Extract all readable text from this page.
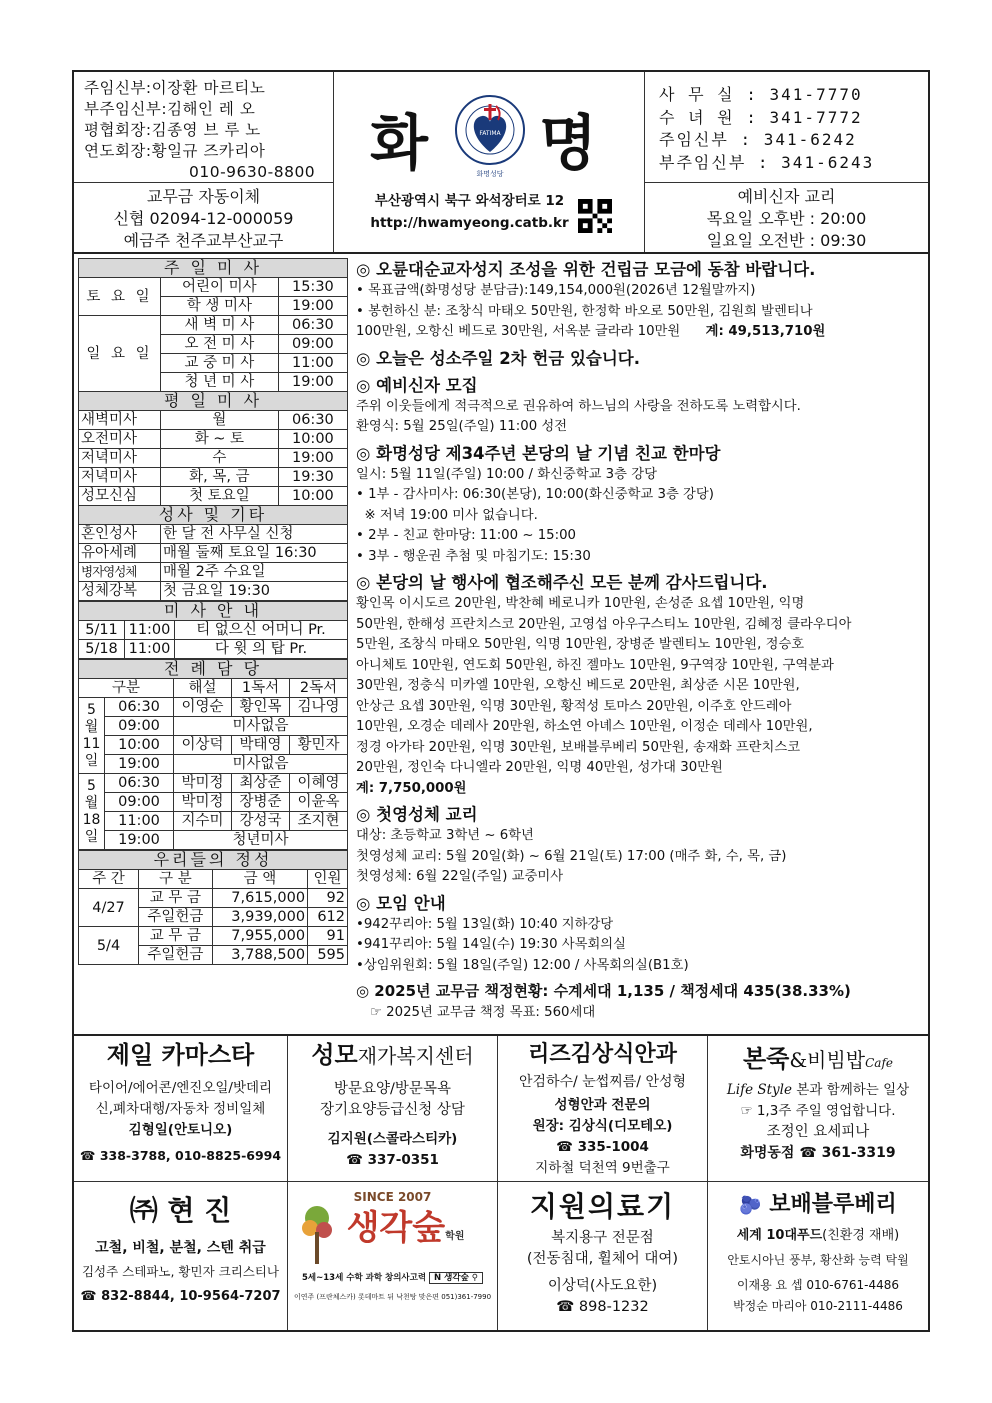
주임신부:이장환 마르티노
부주임신부:김해인 레 오
평협회장:김종영 브 루 노
연도회장:황일규 즈카리아
010-9630-8800
교무금 자동이체
신협 02094-12-000059
예금주 천주교부산교구
화	FATIMA
화명성당 명
부산광역시 북구 와석장터로 12
http://hwamyeong.catb.kr
사 무 실 : 341-7770
수 녀 원 : 341-7772
주임신부 : 341-6242
부주임신부 : 341-6243
예비신자 교리
목요일 오후반 : 20:00
일요일 오전반 : 09:30
주 일 미 사		
토 요 일	어린이 미사	15:30
	학 생 미사	19:00
일 요 일	새 벽 미 사	06:30
	오 전 미 사	09:00
	교 중 미 사	11:00
	청 년 미 사	19:00
평 일 미 사		
새벽미사	월	06:30
오전미사	화 ~ 토	10:00
저녁미사	수	19:00
저녁미사	화, 목, 금	19:30
성모신심	첫 토요일	10:00
성사 및 기타		
혼인성사	한 달 전 사무실 신청	
유아세례	매월 둘째 토요일 16:30	
병자영성체	매월 2주 수요일	
성체강복	첫 금요일 19:30	
미 사 안 내		
5/11	11:00	티 없으신 어머니 Pr.
5/18	11:00	다 윗 의 탑 Pr.
전 례 담 당				
구분		해설	1독서	2독서
5월11일	06:30	이영순	황인목	김나영
	09:00	미사없음		
	10:00	이상덕	박태영	황민자
	19:00	미사없음		
5월18일	06:30	박미정	최상준	이혜영
	09:00	박미정	장병준	이윤옥
	11:00	지수미	강성국	조지현
	19:00	청년미사		
우리들의 정성			
주 간	구 분	금 액	인원
4/27	교 무 금	7,615,000	92
	주일헌금	3,939,000	612
5/4	교 무 금	7,955,000	91
	주일헌금	3,788,500	595
◎ 오륜대순교자성지 조성을 위한 건립금 모금에 동참 바랍니다.
• 목표금액(화명성당 분담금):149,154,000원(2026년 12월말까지)
• 봉헌하신 분: 조창식 마태오 50만원, 한정학 바오로 50만원, 김원희 발렌티나
100만원, 오항신 베드로 30만원, 서옥분 글라라 10만원 계: 49,513,710원
◎ 오늘은 성소주일 2차 헌금 있습니다.
◎ 예비신자 모집
주위 이웃들에게 적극적으로 권유하여 하느님의 사랑을 전하도록 노력합시다.
환영식: 5월 25일(주일) 11:00 성전
◎ 화명성당 제34주년 본당의 날 기념 친교 한마당
일시: 5월 11일(주일) 10:00 / 화신중학교 3층 강당
• 1부 - 감사미사: 06:30(본당), 10:00(화신중학교 3층 강당)
※ 저녁 19:00 미사 없습니다.
• 2부 - 친교 한마당: 11:00 ~ 15:00
• 3부 - 행운권 추첨 및 마침기도: 15:30
◎ 본당의 날 행사에 협조해주신 모든 분께 감사드립니다.
황인목 이시도르 20만원, 박찬혜 베로니카 10만원, 손성준 요셉 10만원, 익명
50만원, 한해성 프란치스코 20만원, 고영섭 아우구스티노 10만원, 김혜정 클라우디아
5만원, 조창식 마태오 50만원, 익명 10만원, 장병준 발렌티노 10만원, 정승호
아니체토 10만원, 연도회 50만원, 하진 젤마노 10만원, 9구역장 10만원, 구역분과
30만원, 정충식 미카엘 10만원, 오항신 베드로 20만원, 최상준 시몬 10만원,
안상근 요셉 30만원, 익명 30만원, 황적성 토마스 20만원, 이주호 안드레아
10만원, 오경순 데레사 20만원, 하소연 아녜스 10만원, 이정순 데레사 10만원,
정경 아가타 20만원, 익명 30만원, 보배블루베리 50만원, 송재화 프란치스코
20만원, 정인숙 다니엘라 20만원, 익명 40만원, 성가대 30만원
계: 7,750,000원
◎ 첫영성체 교리
대상: 초등학교 3학년 ~ 6학년
첫영성체 교리: 5월 20일(화) ~ 6월 21일(토) 17:00 (매주 화, 수, 목, 금)
첫영성체: 6월 22일(주일) 교중미사
◎ 모임 안내
•942꾸리아: 5월 13일(화) 10:40 지하강당
•941꾸리아: 5월 14일(수) 19:30 사목회의실
•상임위원회: 5월 18일(주일) 12:00 / 사목회의실(B1호)
◎ 2025년 교무금 책정현황: 수계세대 1,135 / 책정세대 435(38.33%)
☞ 2025년 교무금 책정 목표: 560세대
제일 카마스타
타이어/에어콘/엔진오일/밧데리
신,폐차대행/자동차 정비일체
김형일(안토니오)
☎ 338-3788, 010-8825-6994
성모재가복지센터
방문요양/방문목욕
장기요양등급신청 상담
김지원(스콜라스티카)
☎ 337-0351
리즈김상식안과
안검하수/ 눈썹찌름/ 안성형
성형안과 전문의
원장: 김상식(디모테오)
☎ 335-1004
지하철 덕천역 9번출구
본죽&비빔밥Cafe
Life Style 본과 함께하는 일상
☞ 1,3주 주일 영업합니다.
조정인 요세피나
화명동점 ☎ 361-3319
㈜ 현 진
고철, 비철, 분철, 스텐 취급
김성주 스테파노, 황민자 크리스티나
☎ 832-8844, 10-9564-7207
SINCE 2007
생각숲학원
5세~13세 수학 과학 창의사고력 N 생각숲 ⚲
이연주 (프란체스카) 롯데마트 뒤 낙천탕 맞은편 051)361-7990
지원의료기
복지용구 전문점
(전동침대, 휠체어 대여)
이상덕(사도요한)
☎ 898-1232
🫐 보배블루베리
세계 10대푸드(친환경 재배)
안토시아닌 풍부, 황산화 능력 탁월
이재용 요 셉 010-6761-4486
박정순 마리아 010-2111-4486
